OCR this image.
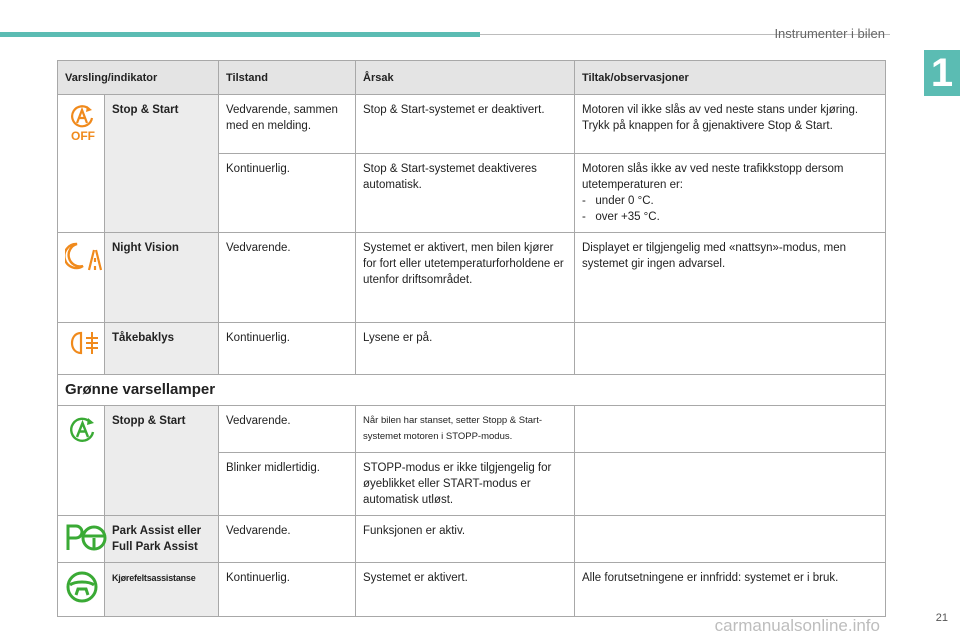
Instrumenter i bilen
1
Varsling/indikator		Tilstand	Årsak	Tiltak/observasjoner

OFF	Stop & Start	Vedvarende, sammen med en melding.	Stop & Start-systemet er deaktivert.	Motoren vil ikke slås av ved neste stans under kjøring. Trykk på knappen for å gjenaktivere Stop & Start.
		Kontinuerlig.	Stop & Start-systemet deaktiveres automatisk.	Motoren slås ikke av ved neste trafikkstopp dersom utetemperaturen er:
-   under 0 °C.
-   over +35 °C.

	Night Vision	Vedvarende.	Systemet er aktivert, men bilen kjører for fort eller utetemperaturforholdene er utenfor driftsområdet.	Displayet er tilgjengelig med «nattsyn»-modus, men systemet gir ingen advarsel.

	Tåkebaklys	Kontinuerlig.	Lysene er på.	
Grønne varsellamper				

	Stopp & Start	Vedvarende.	Når bilen har stanset, setter Stopp & Start-systemet motoren i STOPP-modus.	
		Blinker midlertidig.	STOPP-modus er ikke tilgjengelig for øyeblikket eller START-modus er automatisk utløst.	

	Park Assist eller Full Park Assist	Vedvarende.	Funksjonen er aktiv.	

	Kjørefeltsassistanse	Kontinuerlig.	Systemet er aktivert.	Alle forutsetningene er innfridd: systemet er i bruk.
carmanualsonline.info	21
